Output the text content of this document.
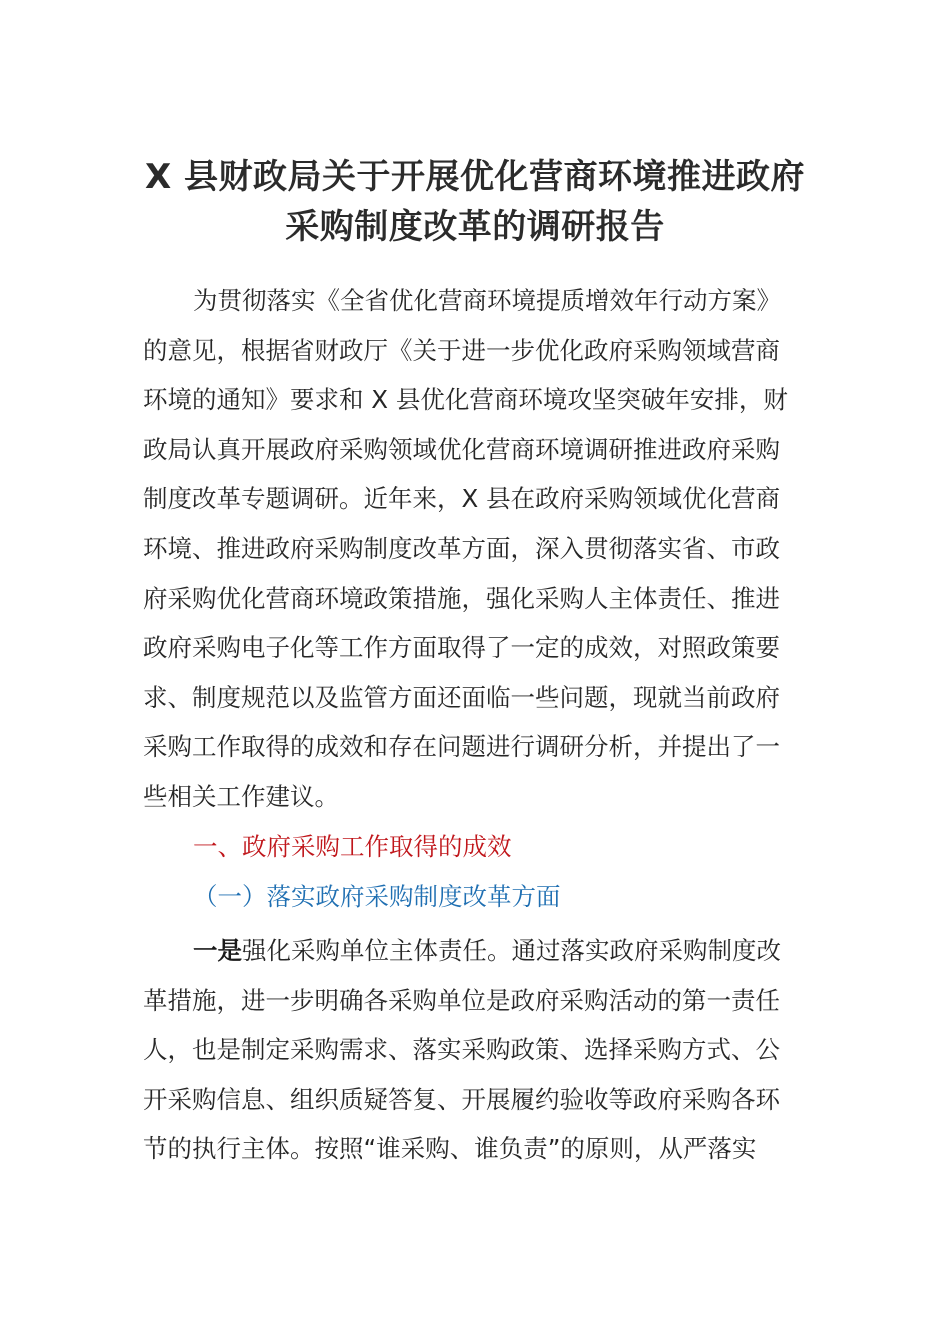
X 县财政局关于开展优化营商环境推进政府
采购制度改革的调研报告
为贯彻落实《全省优化营商环境提质增效年行动方案》
的意见，根据省财政厅《关于进一步优化政府采购领域营商
环境的通知》要求和 X 县优化营商环境攻坚突破年安排，财
政局认真开展政府采购领域优化营商环境调研推进政府采购
制度改革专题调研。近年来，X 县在政府采购领域优化营商
环境、推进政府采购制度改革方面，深入贯彻落实省、市政
府采购优化营商环境政策措施，强化采购人主体责任、推进
政府采购电子化等工作方面取得了一定的成效，对照政策要
求、制度规范以及监管方面还面临一些问题，现就当前政府
采购工作取得的成效和存在问题进行调研分析，并提出了一
些相关工作建议。
一、政府采购工作取得的成效
（一）落实政府采购制度改革方面
一是强化采购单位主体责任。通过落实政府采购制度改
革措施，进一步明确各采购单位是政府采购活动的第一责任
人，也是制定采购需求、落实采购政策、选择采购方式、公
开采购信息、组织质疑答复、开展履约验收等政府采购各环
节的执行主体。按照“谁采购、谁负责”的原则，从严落实
